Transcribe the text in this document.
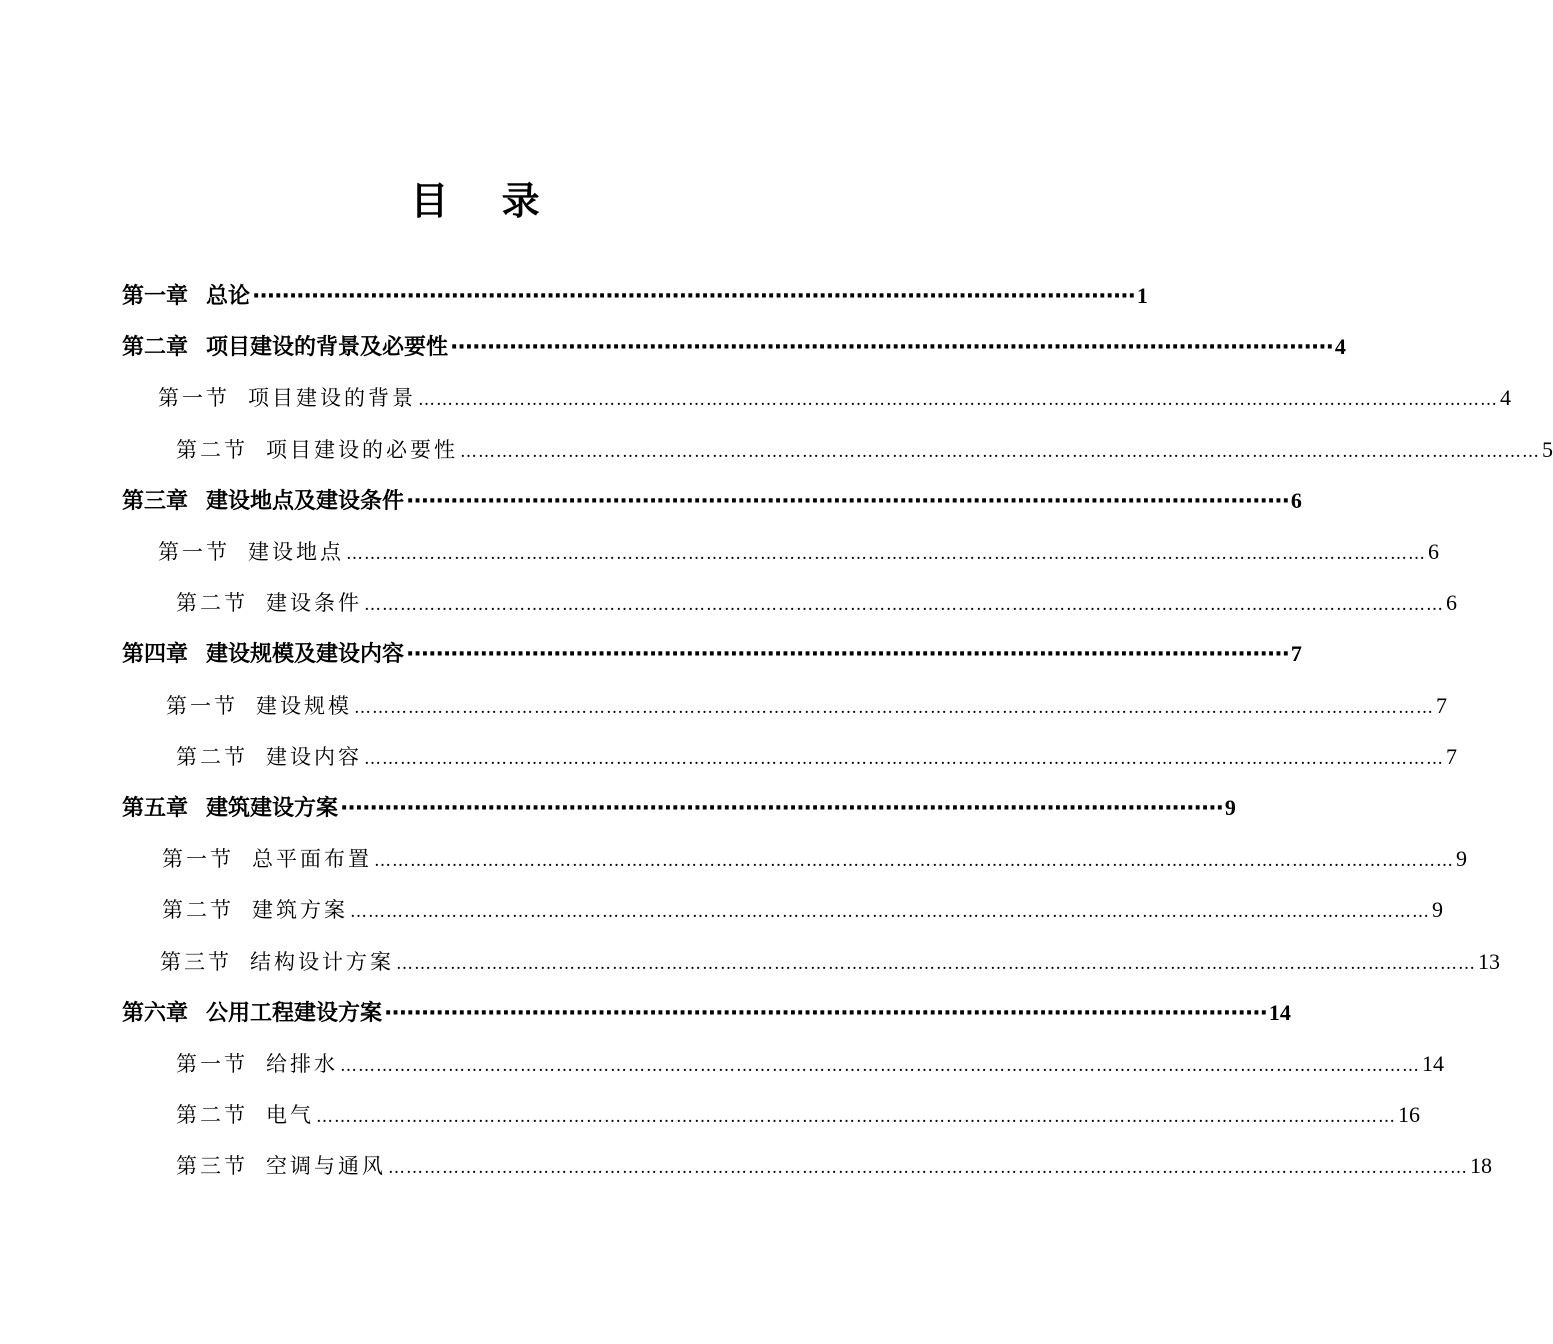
目 录
第一章 总论 ························································································································ 1
第二章 项目建设的背景及必要性 ························································································································ 4
第一节 项目建设的背景 ……………………………………………………………………………………………………………………………………………………………… 4
第二节 项目建设的必要性 ……………………………………………………………………………………………………………………………………………………………… 5
第三章 建设地点及建设条件 ························································································································ 6
第一节 建设地点 ……………………………………………………………………………………………………………………………………………………………… 6
第二节 建设条件 ……………………………………………………………………………………………………………………………………………………………… 6
第四章 建设规模及建设内容 ························································································································ 7
第一节 建设规模 ……………………………………………………………………………………………………………………………………………………………… 7
第二节 建设内容 ……………………………………………………………………………………………………………………………………………………………… 7
第五章 建筑建设方案 ························································································································ 9
第一节 总平面布置 ……………………………………………………………………………………………………………………………………………………………… 9
第二节 建筑方案 ……………………………………………………………………………………………………………………………………………………………… 9
第三节 结构设计方案 ……………………………………………………………………………………………………………………………………………………………… 13
第六章 公用工程建设方案 ························································································································ 14
第一节 给排水 ……………………………………………………………………………………………………………………………………………………………… 14
第二节 电气 ……………………………………………………………………………………………………………………………………………………………… 16
第三节 空调与通风 ……………………………………………………………………………………………………………………………………………………………… 18
